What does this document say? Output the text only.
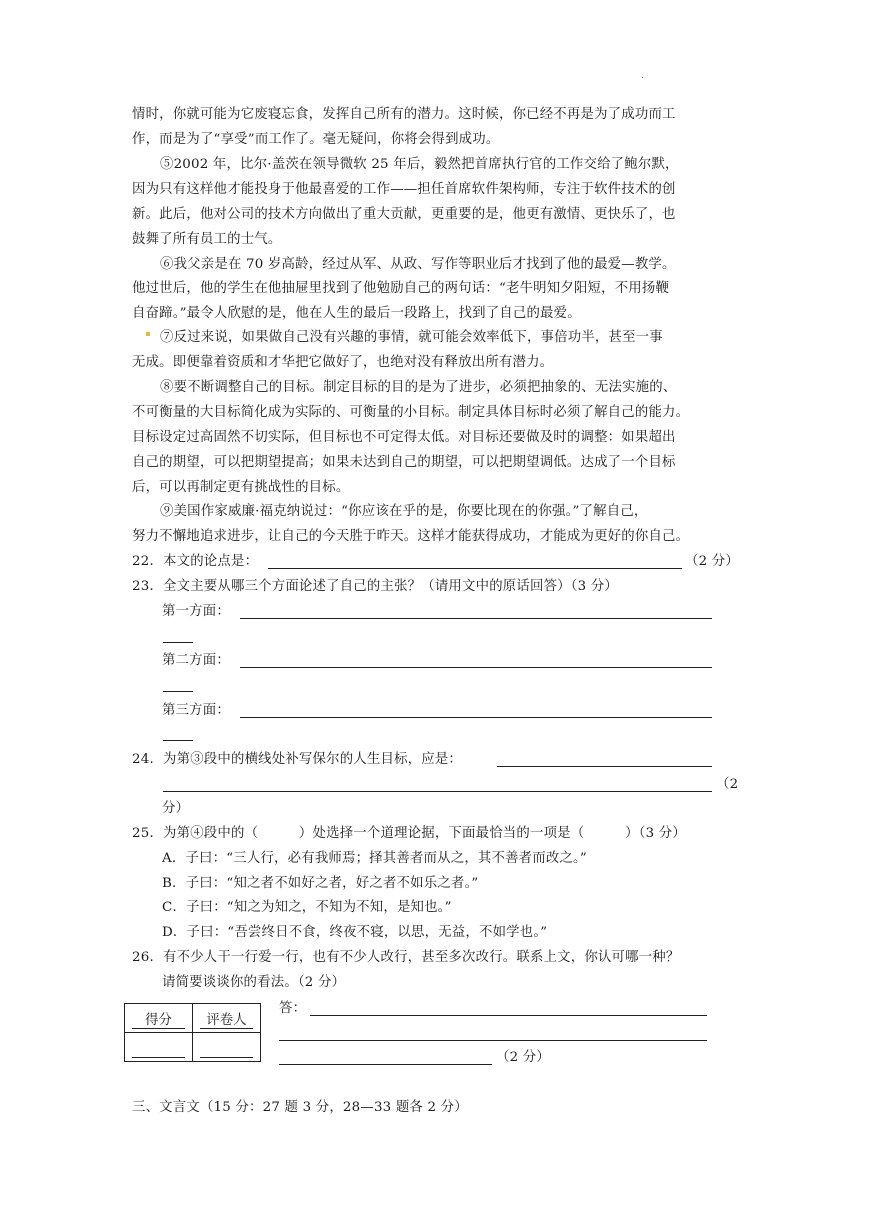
.
情时，你就可能为它废寝忘食，发挥自己所有的潜力。这时候，你已经不再是为了成功而工
作，而是为了“享受”而工作了。毫无疑问，你将会得到成功。
⑤2002 年，比尔·盖茨在领导微软 25 年后，毅然把首席执行官的工作交给了鲍尔默，
因为只有这样他才能投身于他最喜爱的工作——担任首席软件架构师，专注于软件技术的创
新。此后，他对公司的技术方向做出了重大贡献，更重要的是，他更有激情、更快乐了，也
鼓舞了所有员工的士气。
⑥我父亲是在 70 岁高龄，经过从军、从政、写作等职业后才找到了他的最爱—教学。
他过世后，他的学生在他抽屉里找到了他勉励自己的两句话：“老牛明知夕阳短，不用扬鞭
自奋蹄。”最令人欣慰的是，他在人生的最后一段路上，找到了自己的最爱。
⑦反过来说，如果做自己没有兴趣的事情，就可能会效率低下，事倍功半，甚至一事
无成。即便靠着资质和才华把它做好了，也绝对没有释放出所有潜力。
⑧要不断调整自己的目标。制定目标的目的是为了进步，必须把抽象的、无法实施的、
不可衡量的大目标简化成为实际的、可衡量的小目标。制定具体目标时必须了解自己的能力。
目标设定过高固然不切实际，但目标也不可定得太低。对目标还要做及时的调整：如果超出
自己的期望，可以把期望提高；如果未达到自己的期望，可以把期望调低。达成了一个目标
后，可以再制定更有挑战性的目标。
⑨美国作家威廉·福克纳说过：“你应该在乎的是，你要比现在的你强。”了解自己，
努力不懈地追求进步，让自己的今天胜于昨天。这样才能获得成功，才能成为更好的你自己。
22．本文的论点是：	（2 分）
23．全文主要从哪三个方面论述了自己的主张？（请用文中的原话回答）（3 分）
第一方面：
第二方面：
第三方面：
24．为第③段中的横线处补写保尔的人生目标，应是：
（2
分）
25．为第④段中的（　　　）处选择一个道理论据，下面最恰当的一项是（　　　）（3 分）
A．子曰：“三人行，必有我师焉；择其善者而从之，其不善者而改之。”
B．子曰：“知之者不如好之者，好之者不如乐之者。”
C．子曰：“知之为知之，不知为不知，是知也。”
D．子曰：“吾尝终日不食，终夜不寝，以思，无益，不如学也。”
26．有不少人干一行爱一行，也有不少人改行，甚至多次改行。联系上文，你认可哪一种？
请简要谈谈你的看法。（2 分）
得分	评卷人

答：
（2 分）
三、文言文（15 分：27 题 3 分，28—33 题各 2 分）
